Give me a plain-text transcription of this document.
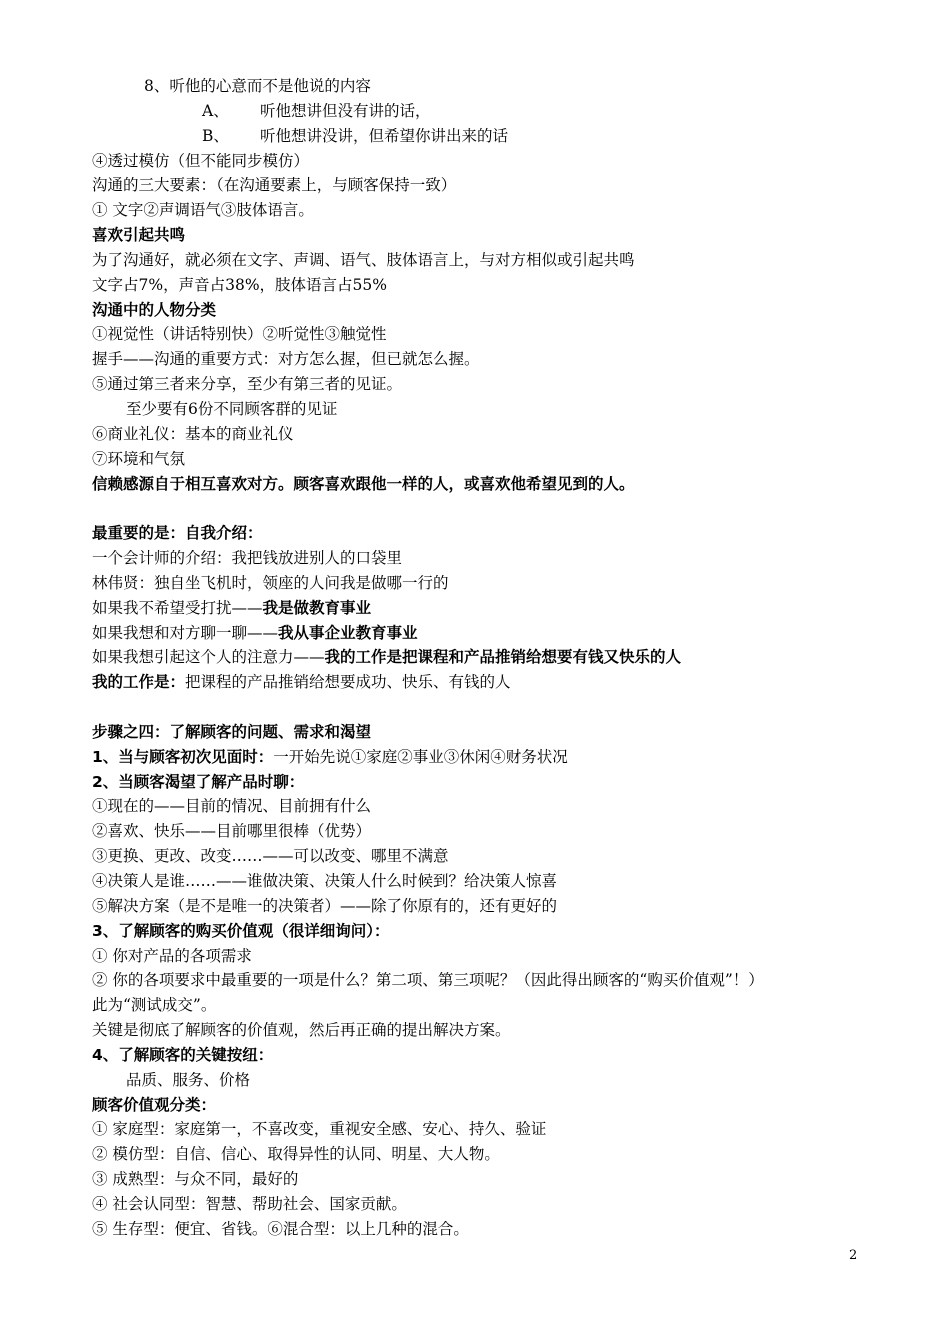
8、听他的心意而不是他说的内容
A、 听他想讲但没有讲的话，
B、 听他想讲没讲，但希望你讲出来的话
④透过模仿（但不能同步模仿）
沟通的三大要素：（在沟通要素上，与顾客保持一致）
① 文字②声调语气③肢体语言。
喜欢引起共鸣
为了沟通好，就必须在文字、声调、语气、肢体语言上，与对方相似或引起共鸣
文字占7%，声音占38%，肢体语言占55%
沟通中的人物分类
①视觉性（讲话特别快）②听觉性③触觉性
握手——沟通的重要方式：对方怎么握，但已就怎么握。
⑤通过第三者来分享，至少有第三者的见证。
至少要有6份不同顾客群的见证
⑥商业礼仪：基本的商业礼仪
⑦环境和气氛
信赖感源自于相互喜欢对方。顾客喜欢跟他一样的人，或喜欢他希望见到的人。
最重要的是：自我介绍：
一个会计师的介绍：我把钱放进别人的口袋里
林伟贤：独自坐飞机时，领座的人问我是做哪一行的
如果我不希望受打扰——我是做教育事业
如果我想和对方聊一聊——我从事企业教育事业
如果我想引起这个人的注意力——我的工作是把课程和产品推销给想要有钱又快乐的人
我的工作是：把课程的产品推销给想要成功、快乐、有钱的人
步骤之四：了解顾客的问题、需求和渴望
1、当与顾客初次见面时：一开始先说①家庭②事业③休闲④财务状况
2、当顾客渴望了解产品时聊：
①现在的——目前的情况、目前拥有什么
②喜欢、快乐——目前哪里很棒（优势）
③更换、更改、改变……——可以改变、哪里不满意
④决策人是谁……——谁做决策、决策人什么时候到？给决策人惊喜
⑤解决方案（是不是唯一的决策者）——除了你原有的，还有更好的
3、了解顾客的购买价值观（很详细询问）：
① 你对产品的各项需求
② 你的各项要求中最重要的一项是什么？第二项、第三项呢？（因此得出顾客的“购买价值观”！）
此为“测试成交”。
关键是彻底了解顾客的价值观，然后再正确的提出解决方案。
4、了解顾客的关键按纽：
品质、服务、价格
顾客价值观分类：
① 家庭型：家庭第一，不喜改变，重视安全感、安心、持久、验证
② 模仿型：自信、信心、取得异性的认同、明星、大人物。
③ 成熟型：与众不同，最好的
④ 社会认同型：智慧、帮助社会、国家贡献。
⑤ 生存型：便宜、省钱。⑥混合型：以上几种的混合。
2
